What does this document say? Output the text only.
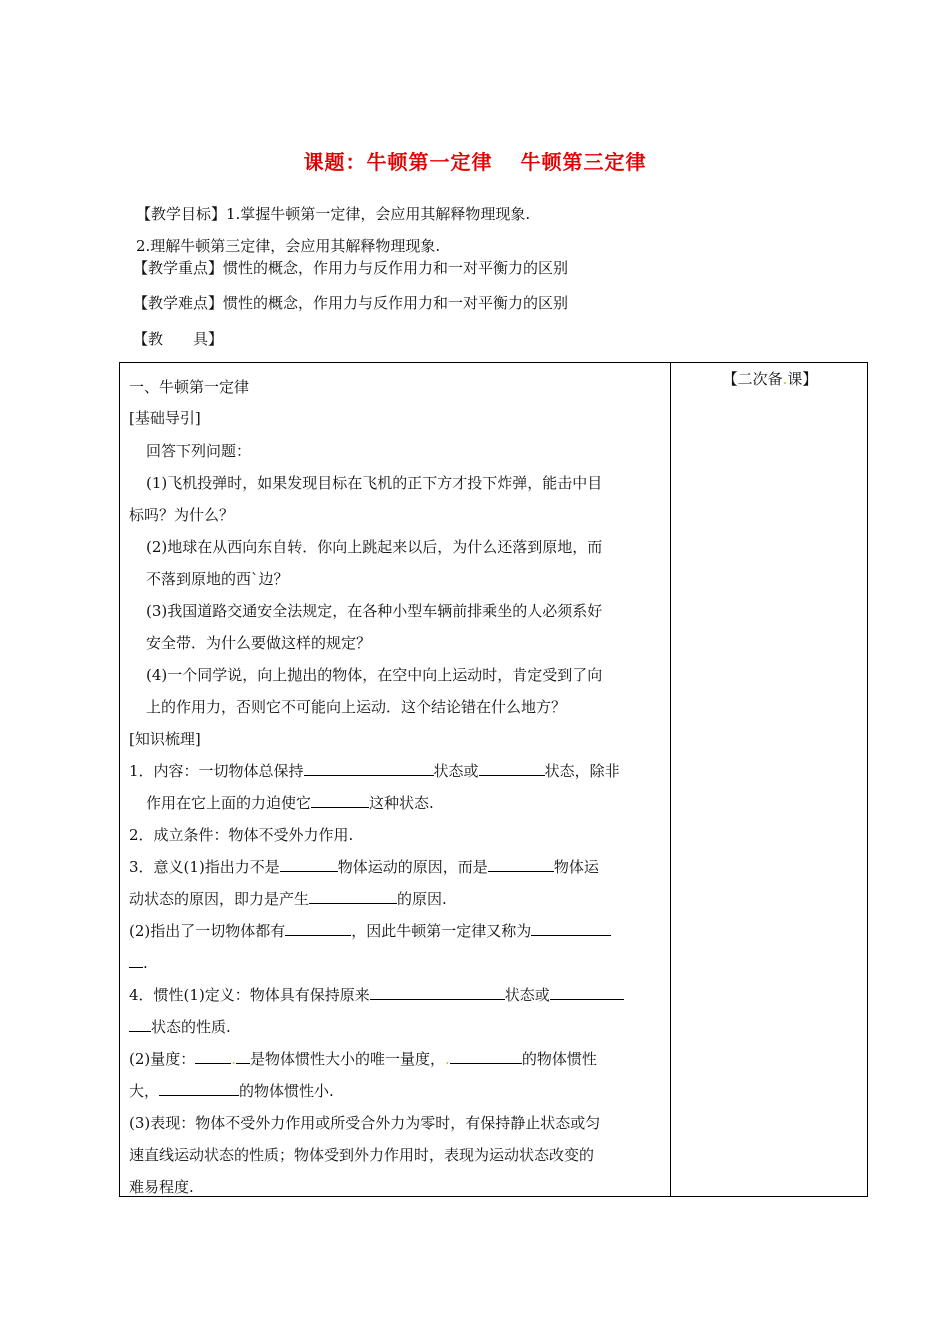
课题：牛顿第一定律 牛顿第三定律
【教学目标】1.掌握牛顿第一定律，会应用其解释物理现象.
2.理解牛顿第三定律，会应用其解释物理现象.
【教学重点】惯性的概念，作用力与反作用力和一对平衡力的区别
【教学难点】惯性的概念，作用力与反作用力和一对平衡力的区别
【教　　具】
【二次备.课】
一、牛顿第一定律
[基础导引]
回答下列问题：
(1)飞机投弹时，如果发现目标在飞机的正下方才投下炸弹，能击中目
标吗？为什么？
(2)地球在从西向东自转．你向上跳起来以后，为什么还落到原地，而
不落到原地的西`边？
(3)我国道路交通安全法规定，在各种小型车辆前排乘坐的人必须系好
安全带．为什么要做这样的规定？
(4)一个同学说，向上抛出的物体，在空中向上运动时，肯定受到了向
上的作用力，否则它不可能向上运动．这个结论错在什么地方？
[知识梳理]
1．内容：一切物体总保持	状态或	状态，除非
作用在它上面的力迫使它	这种状态.
2．成立条件：物体不受外力作用.
3．意义(1)指出力不是	物体运动的原因，而是	物体运
动状态的原因，即力是产生	的原因.
(2)指出了一切物体都有	，因此牛顿第一定律又称为
.
4．惯性(1)定义：物体具有保持原来	状态或
状态的性质.
(2)量度： . 是物体惯性大小的唯一量度，.	的物体惯性
大，	的物体惯性小.
(3)表现：物体不受外力作用或所受合外力为零时，有保持静止状态或匀
速直线运动状态的性质；物体受到外力作用时，表现为运动状态改变的
难易程度.
